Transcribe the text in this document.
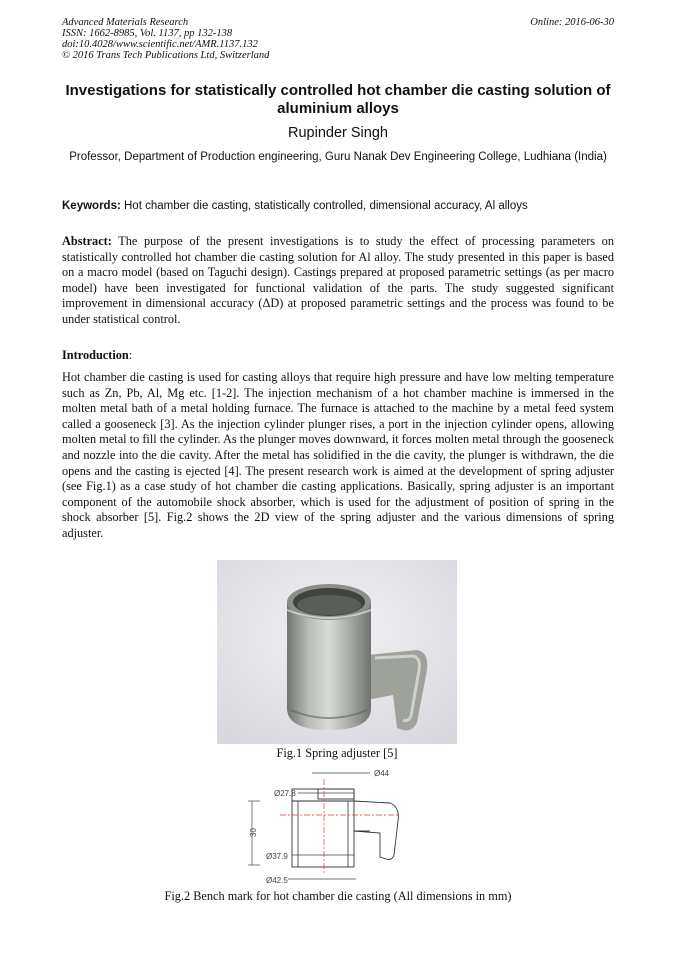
Advanced Materials Research
ISSN: 1662-8985, Vol. 1137, pp 132-138
doi:10.4028/www.scientific.net/AMR.1137.132
© 2016 Trans Tech Publications Ltd, Switzerland
Online: 2016-06-30
Investigations for statistically controlled hot chamber die casting solution of aluminium alloys
Rupinder Singh
Professor, Department of Production engineering, Guru Nanak Dev Engineering College, Ludhiana (India)
Keywords: Hot chamber die casting, statistically controlled, dimensional accuracy, Al alloys
Abstract: The purpose of the present investigations is to study the effect of processing parameters on statistically controlled hot chamber die casting solution for Al alloy. The study presented in this paper is based on a macro model (based on Taguchi design). Castings prepared at proposed parametric settings (as per macro model) have been investigated for functional validation of the parts. The study suggested significant improvement in dimensional accuracy (ΔD) at proposed parametric settings and the process was found to be under statistical control.
Introduction:
Hot chamber die casting is used for casting alloys that require high pressure and have low melting temperature such as Zn, Pb, Al, Mg etc. [1-2]. The injection mechanism of a hot chamber machine is immersed in the molten metal bath of a metal holding furnace. The furnace is attached to the machine by a metal feed system called a gooseneck [3]. As the injection cylinder plunger rises, a port in the injection cylinder opens, allowing molten metal to fill the cylinder. As the plunger moves downward, it forces molten metal through the gooseneck and nozzle into the die cavity. After the metal has solidified in the die cavity, the plunger is withdrawn, the die opens and the casting is ejected [4]. The present research work is aimed at the development of spring adjuster (see Fig.1) as a case study of hot chamber die casting applications. Basically, spring adjuster is an important component of the automobile shock absorber, which is used for the adjustment of position of spring in the shock absorber [5]. Fig.2 shows the 2D view of the spring adjuster and the various dimensions of spring adjuster.
Fig.1 Spring adjuster [5]
Ø44
Ø27.8
30
Ø37.9
Ø42.5
Fig.2 Bench mark for hot chamber die casting (All dimensions in mm)
